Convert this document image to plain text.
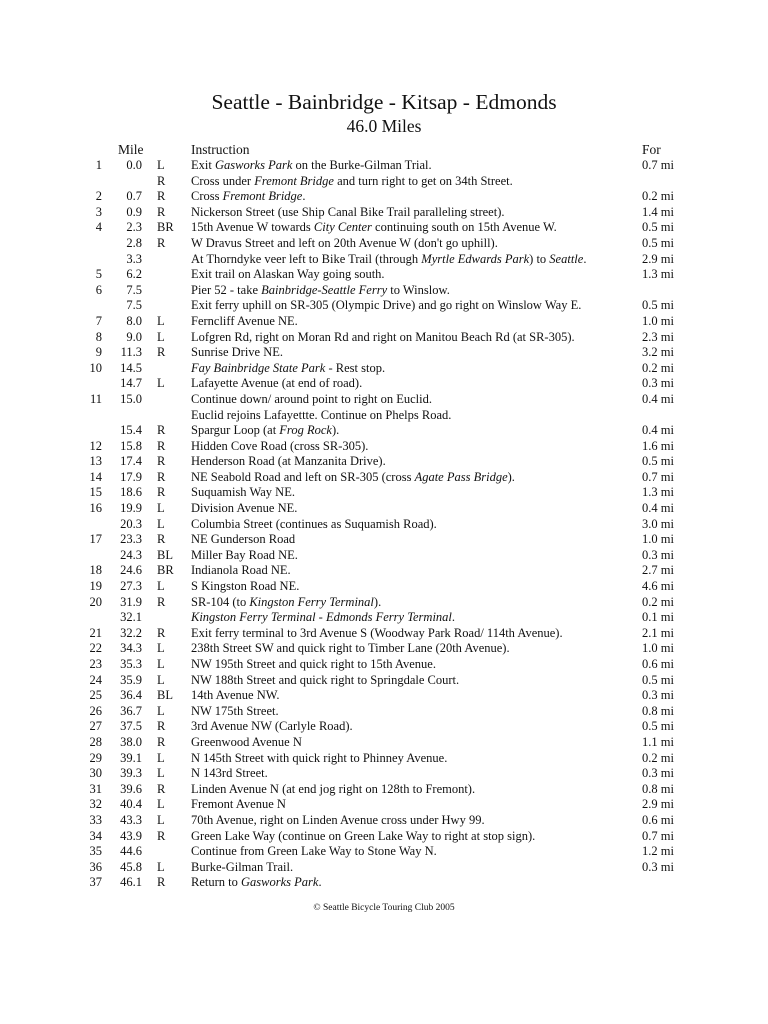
Seattle - Bainbridge - Kitsap - Edmonds
46.0 Miles
Mile	Instruction	For
1	0.0 L Exit Gasworks Park on the Burke-Gilman Trial.	0.7 mi
R Cross under Fremont Bridge and turn right to get on 34th Street.
2	0.7 R Cross Fremont Bridge.	0.2 mi
3	0.9 R Nickerson Street (use Ship Canal Bike Trail paralleling street).	1.4 mi
4	2.3 BR 15th Avenue W towards City Center continuing south on 15th Avenue W.	0.5 mi
2.8 R W Dravus Street and left on 20th Avenue W (don't go uphill).	0.5 mi
3.3	At Thorndyke veer left to Bike Trail (through Myrtle Edwards Park) to Seattle.	2.9 mi
5	6.2	Exit trail on Alaskan Way going south.	1.3 mi
6	7.5	Pier 52 - take Bainbridge-Seattle Ferry to Winslow.
7.5	Exit ferry uphill on SR-305 (Olympic Drive) and go right on Winslow Way E.	0.5 mi
7	8.0 L Ferncliff Avenue NE.	1.0 mi
8	9.0 L Lofgren Rd, right on Moran Rd and right on Manitou Beach Rd (at SR-305).	2.3 mi
9	11.3 R Sunrise Drive NE.	3.2 mi
10	14.5	Fay Bainbridge State Park - Rest stop.	0.2 mi
14.7 L Lafayette Avenue (at end of road).	0.3 mi
11	15.0	Continue down/ around point to right on Euclid.	0.4 mi
Euclid rejoins Lafayettte. Continue on Phelps Road.
15.4 R Spargur Loop (at Frog Rock).	0.4 mi
12	15.8 R Hidden Cove Road (cross SR-305).	1.6 mi
13	17.4 R Henderson Road (at Manzanita Drive).	0.5 mi
14	17.9 R NE Seabold Road and left on SR-305 (cross Agate Pass Bridge).	0.7 mi
15	18.6 R Suquamish Way NE.	1.3 mi
16	19.9 L Division Avenue NE.	0.4 mi
20.3 L Columbia Street (continues as Suquamish Road).	3.0 mi
17	23.3 R NE Gunderson Road	1.0 mi
24.3 BL Miller Bay Road NE.	0.3 mi
18	24.6 BR Indianola Road NE.	2.7 mi
19	27.3 L S Kingston Road NE.	4.6 mi
20	31.9 R SR-104 (to Kingston Ferry Terminal).	0.2 mi
32.1	Kingston Ferry Terminal - Edmonds Ferry Terminal.	0.1 mi
21	32.2 R Exit ferry terminal to 3rd Avenue S (Woodway Park Road/ 114th Avenue).	2.1 mi
22	34.3 L 238th Street SW and quick right to Timber Lane (20th Avenue).	1.0 mi
23	35.3 L NW 195th Street and quick right to 15th Avenue.	0.6 mi
24	35.9 L NW 188th Street and quick right to Springdale Court.	0.5 mi
25	36.4 BL 14th Avenue NW.	0.3 mi
26	36.7 L NW 175th Street.	0.8 mi
27	37.5 R 3rd Avenue NW (Carlyle Road).	0.5 mi
28	38.0 R Greenwood Avenue N	1.1 mi
29	39.1 L N 145th Street with quick right to Phinney Avenue.	0.2 mi
30	39.3 L N 143rd Street.	0.3 mi
31	39.6 R Linden Avenue N (at end jog right on 128th to Fremont).	0.8 mi
32	40.4 L Fremont Avenue N	2.9 mi
33	43.3 L 70th Avenue, right on Linden Avenue cross under Hwy 99.	0.6 mi
34	43.9 R Green Lake Way (continue on Green Lake Way to right at stop sign).	0.7 mi
35	44.6	Continue from Green Lake Way to Stone Way N.	1.2 mi
36	45.8 L Burke-Gilman Trail.	0.3 mi
37	46.1 R Return to Gasworks Park.
© Seattle Bicycle Touring Club 2005
